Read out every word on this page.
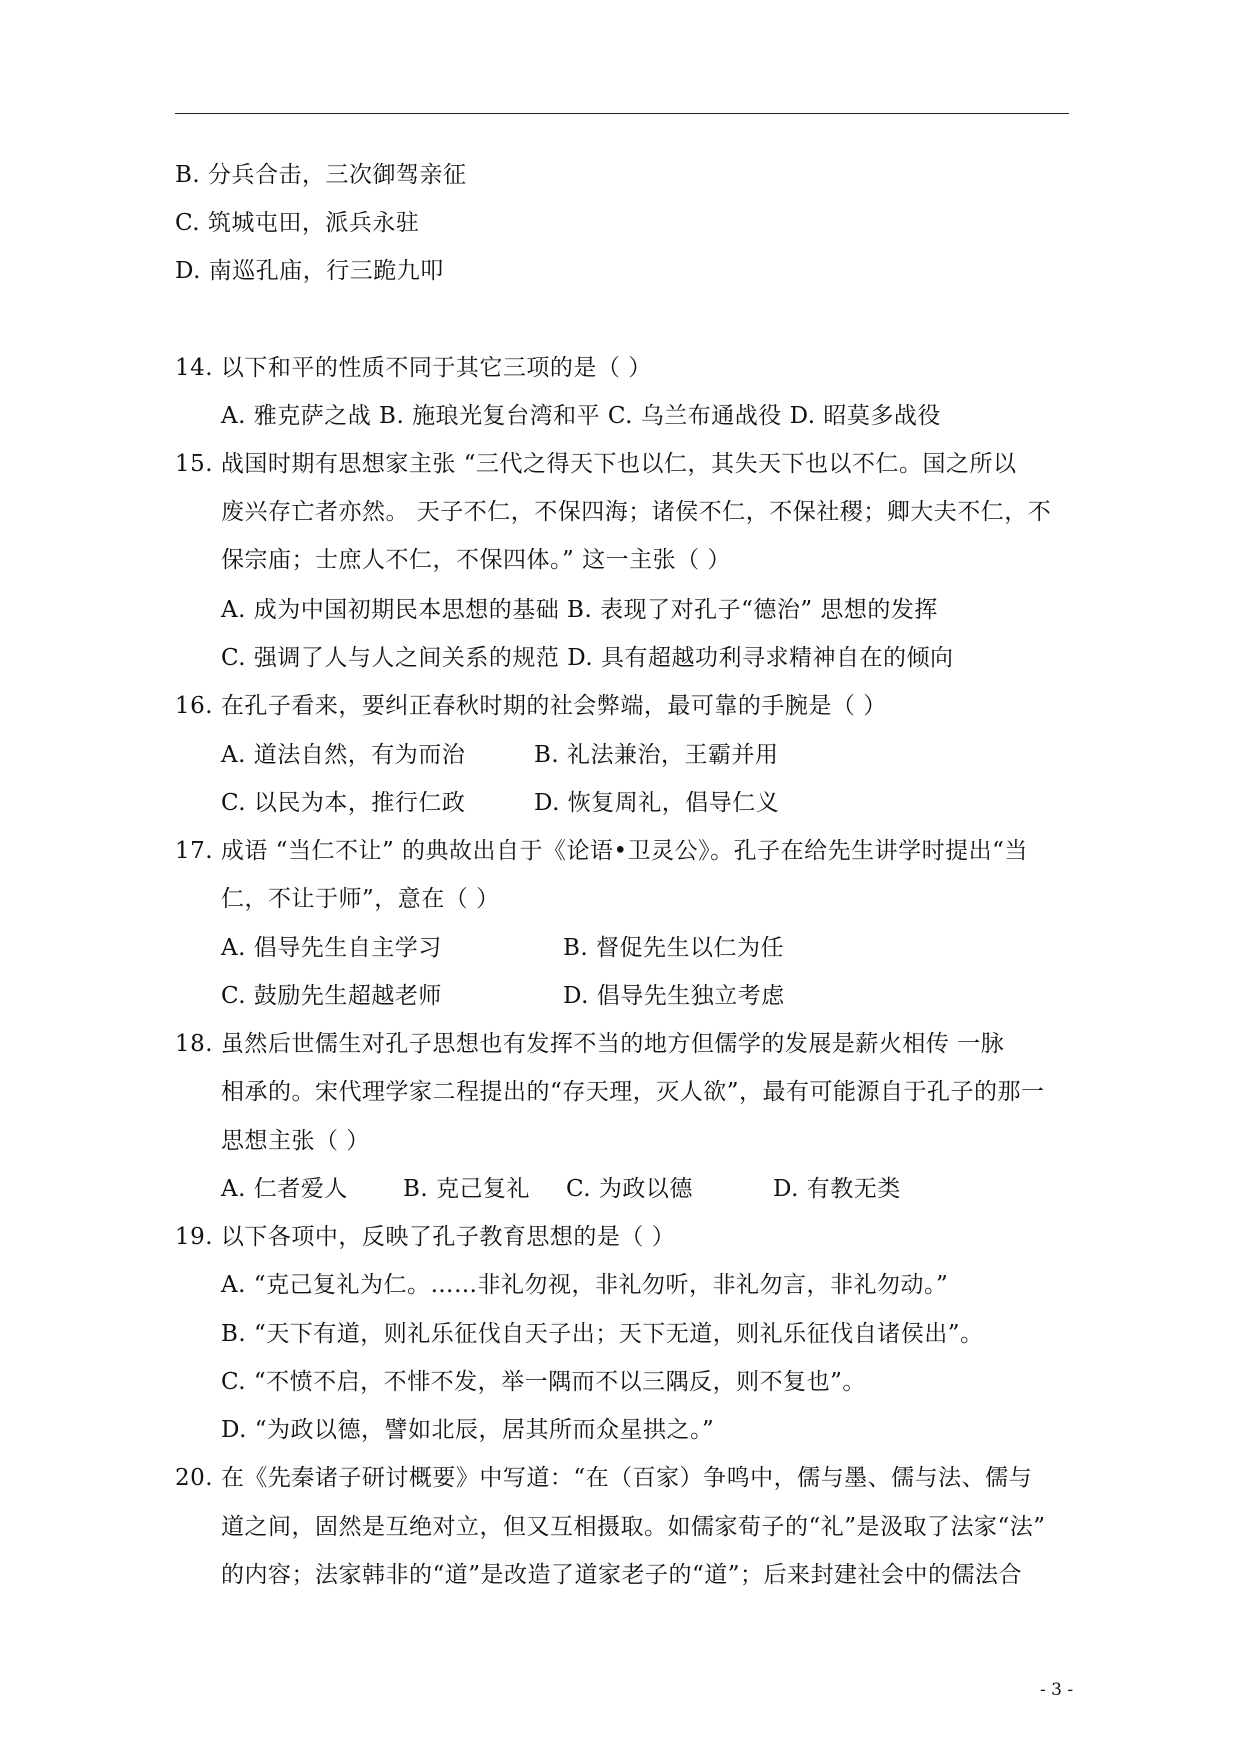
B. 分兵合击，三次御驾亲征
C. 筑城屯田，派兵永驻
D. 南巡孔庙，行三跪九叩
14. 以下和平的性质不同于其它三项的是（ ）
A. 雅克萨之战 B. 施琅光复台湾和平 C. 乌兰布通战役 D. 昭莫多战役
15. 战国时期有思想家主张 “三代之得天下也以仁，其失天下也以不仁。国之所以
废兴存亡者亦然。 天子不仁，不保四海；诸侯不仁，不保社稷；卿大夫不仁，不
保宗庙；士庶人不仁，不保四体。” 这一主张（ ）
A. 成为中国初期民本思想的基础 B. 表现了对孔子“德治” 思想的发挥
C. 强调了人与人之间关系的规范 D. 具有超越功利寻求精神自在的倾向
16. 在孔子看来，要纠正春秋时期的社会弊端，最可靠的手腕是（ ）
A. 道法自然，有为而治	B. 礼法兼治，王霸并用
C. 以民为本，推行仁政	D. 恢复周礼，倡导仁义
17. 成语 “当仁不让” 的典故出自于《论语•卫灵公》。孔子在给先生讲学时提出“当
仁，不让于师”，意在（ ）
A. 倡导先生自主学习	B. 督促先生以仁为任
C. 鼓励先生超越老师	D. 倡导先生独立考虑
18. 虽然后世儒生对孔子思想也有发挥不当的地方但儒学的发展是薪火相传 一脉
相承的。宋代理学家二程提出的“存天理，灭人欲”，最有可能源自于孔子的那一
思想主张（ ）
A. 仁者爱人 B. 克己复礼 C. 为政以德	D. 有教无类
19. 以下各项中，反映了孔子教育思想的是（ ）
A. “克己复礼为仁。……非礼勿视，非礼勿听，非礼勿言，非礼勿动。”
B. “天下有道，则礼乐征伐自天子出；天下无道，则礼乐征伐自诸侯出”。
C. “不愤不启，不悱不发，举一隅而不以三隅反，则不复也”。
D. “为政以德，譬如北辰，居其所而众星拱之。”
20. 在《先秦诸子研讨概要》中写道：“在（百家）争鸣中，儒与墨、儒与法、儒与
道之间，固然是互绝对立，但又互相摄取。如儒家荀子的“礼”是汲取了法家“法”
的内容；法家韩非的“道”是改造了道家老子的“道”；后来封建社会中的儒法合
- 3 -
